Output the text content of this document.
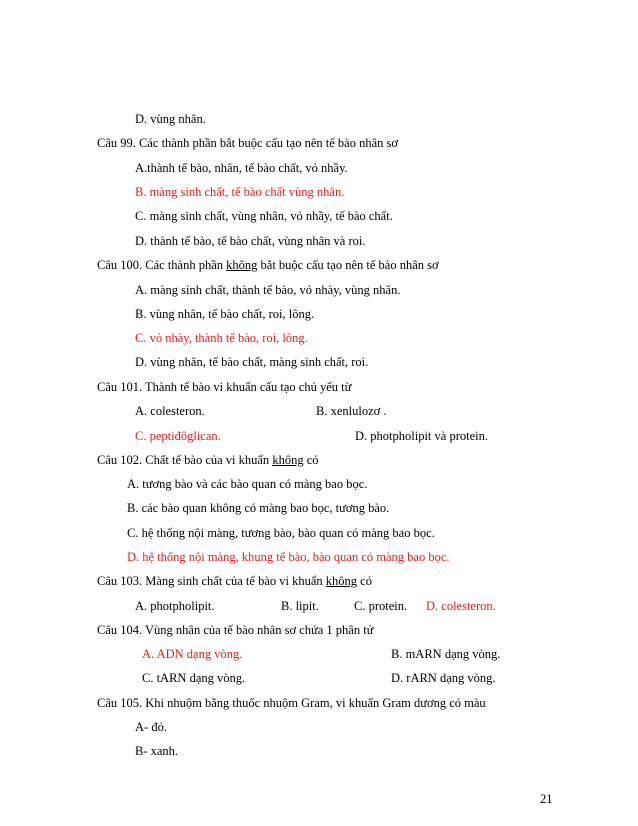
D. vùng nhân.
Câu 99. Các thành phần bắt buộc cấu tạo nên tế bào nhân sơ
A.thành tế bào, nhân, tế bào chất, vỏ nhầy.
B. màng sinh chất, tế bào chất vùng nhân.
C. màng sinh chất, vùng nhân, vỏ nhầy, tế bào chất.
D. thành tế bào, tế bào chất, vùng nhân và roi.
Câu 100. Các thành phần không bắt buộc cấu tạo nên tế bào nhân sơ
A. màng sinh chất, thành tế bào, vỏ nhày, vùng nhân.
B. vùng nhân, tế bào chất, roi, lông.
C. vỏ nhày, thành tế bào, roi, lông.
D. vùng nhân, tế bào chất, màng sinh chất, roi.
Câu 101. Thành tế bào vi khuẩn cấu tạo chủ yếu từ
A. colesteron.	B. xenlulozơ .
C. peptiđôglican.	D. photpholipit và protein.
Câu 102. Chất tế bào của vi khuẩn không có
A. tương bào và các bào quan có màng bao bọc.
B. các bào quan không có màng bao bọc, tương bào.
C. hệ thống nội màng, tương bào, bào quan có màng bao bọc.
D. hệ thống nội màng, khung tế bào, bào quan có màng bao bọc.
Câu 103. Màng sinh chất của tế bào vi khuẩn không có
A. photpholipit.	B. lipit.	C. protein. D. colesteron.
Câu 104. Vùng nhân của tế bào nhân sơ chứa 1 phân tử
A. ADN dạng vòng.	B. mARN dạng vòng.
C. tARN dạng vòng.	D. rARN dạng vòng.
Câu 105. Khi nhuộm bằng thuốc nhuộm Gram, vi khuẩn Gram dương có màu
A- đỏ.
B- xanh.
21
